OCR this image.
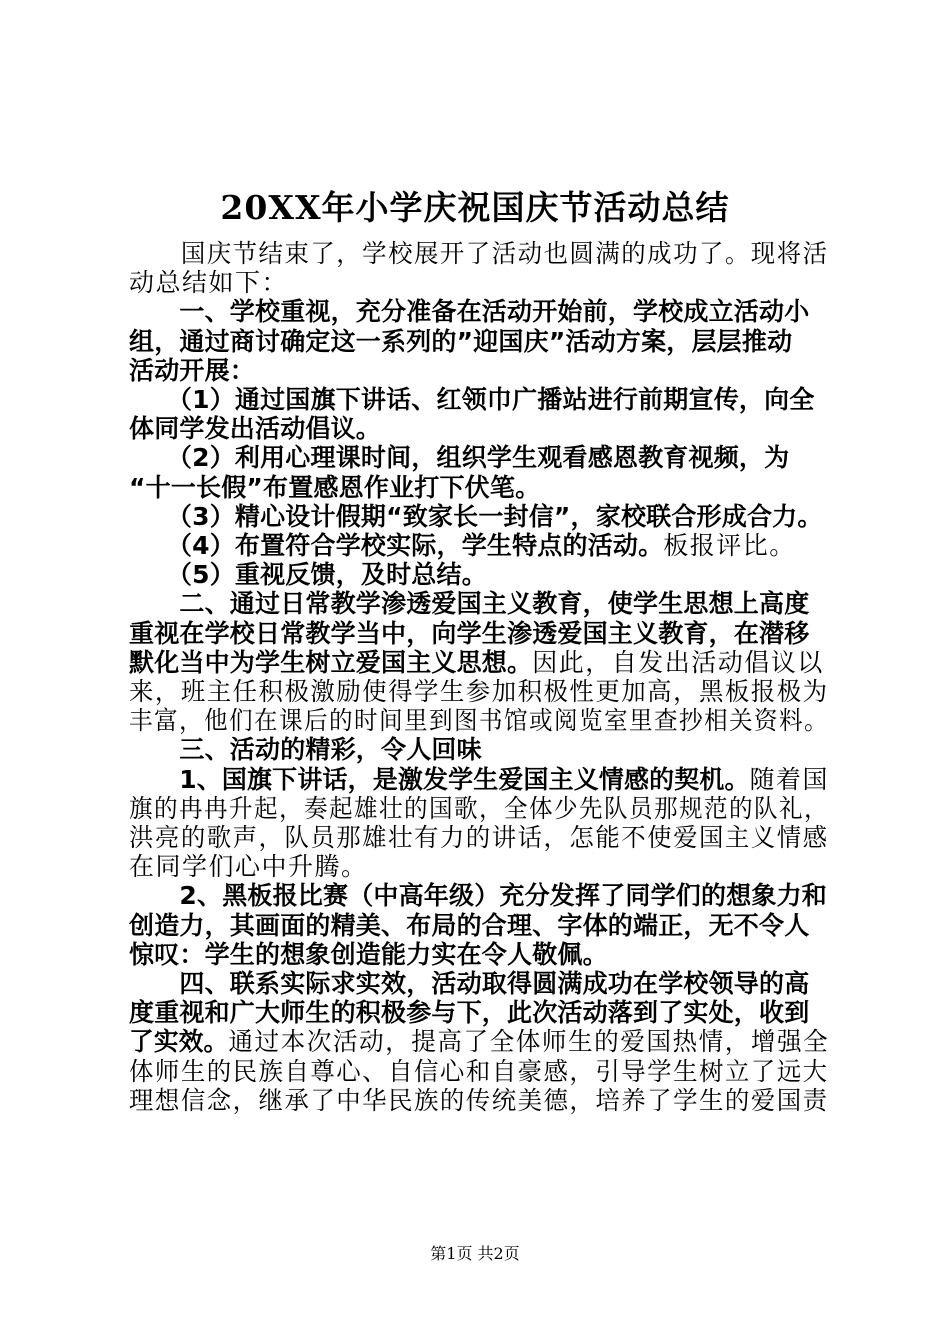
20XX年小学庆祝国庆节活动总结
　　国庆节结束了，学校展开了活动也圆满的成功了。现将活
动总结如下：
　　一、学校重视，充分准备在活动开始前，学校成立活动小
组，通过商讨确定这一系列的”迎国庆”活动方案，层层推动
活动开展：
　　（1）通过国旗下讲话、红领巾广播站进行前期宣传，向全
体同学发出活动倡议。
　　（2）利用心理课时间，组织学生观看感恩教育视频，为
“十一长假”布置感恩作业打下伏笔。
　　（3）精心设计假期“致家长一封信”，家校联合形成合力。
　　（4）布置符合学校实际，学生特点的活动。板报评比。
　　（5）重视反馈，及时总结。
　　二、通过日常教学渗透爱国主义教育，使学生思想上高度
重视在学校日常教学当中，向学生渗透爱国主义教育，在潜移
默化当中为学生树立爱国主义思想。因此，自发出活动倡议以
来，班主任积极激励使得学生参加积极性更加高，黑板报极为
丰富，他们在课后的时间里到图书馆或阅览室里查抄相关资料。
　　三、活动的精彩，令人回味
　　1、国旗下讲话，是激发学生爱国主义情感的契机。随着国
旗的冉冉升起，奏起雄壮的国歌，全体少先队员那规范的队礼，
洪亮的歌声，队员那雄壮有力的讲话，怎能不使爱国主义情感
在同学们心中升腾。
　　2、黑板报比赛（中高年级）充分发挥了同学们的想象力和
创造力，其画面的精美、布局的合理、字体的端正，无不令人
惊叹：学生的想象创造能力实在令人敬佩。
　　四、联系实际求实效，活动取得圆满成功在学校领导的高
度重视和广大师生的积极参与下，此次活动落到了实处，收到
了实效。通过本次活动，提高了全体师生的爱国热情，增强全
体师生的民族自尊心、自信心和自豪感，引导学生树立了远大
理想信念，继承了中华民族的传统美德，培养了学生的爱国责
第1页 共2页
